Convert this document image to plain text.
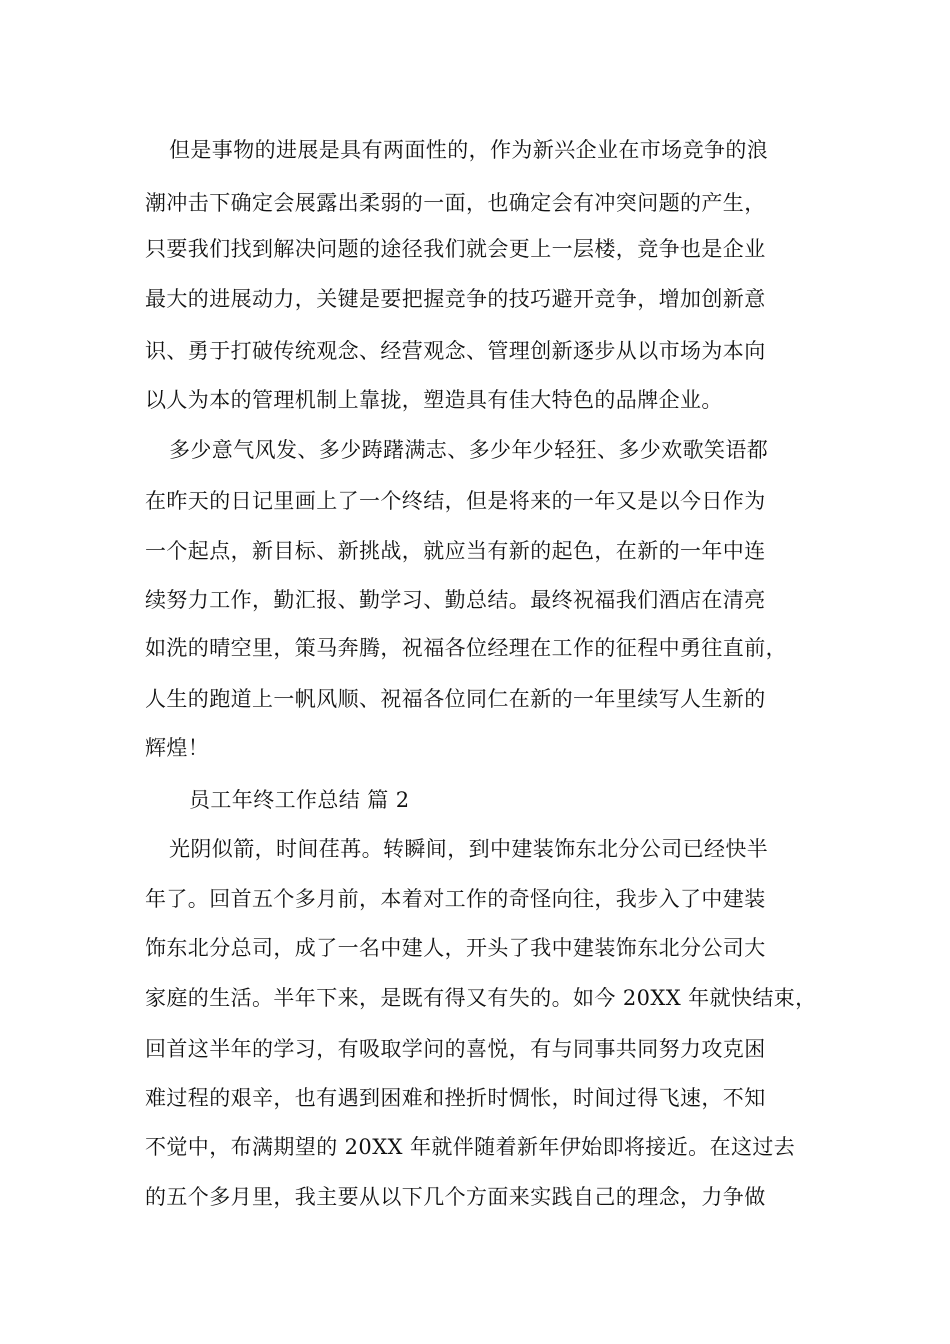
但是事物的进展是具有两面性的，作为新兴企业在市场竞争的浪
潮冲击下确定会展露出柔弱的一面，也确定会有冲突问题的产生，
只要我们找到解决问题的途径我们就会更上一层楼，竞争也是企业
最大的进展动力，关键是要把握竞争的技巧避开竞争，增加创新意
识、勇于打破传统观念、经营观念、管理创新逐步从以市场为本向
以人为本的管理机制上靠拢，塑造具有佳大特色的品牌企业。
多少意气风发、多少踌躇满志、多少年少轻狂、多少欢歌笑语都
在昨天的日记里画上了一个终结，但是将来的一年又是以今日作为
一个起点，新目标、新挑战，就应当有新的起色，在新的一年中连
续努力工作，勤汇报、勤学习、勤总结。最终祝福我们酒店在清亮
如洗的晴空里，策马奔腾，祝福各位经理在工作的征程中勇往直前，
人生的跑道上一帆风顺、祝福各位同仁在新的一年里续写人生新的
辉煌！
员工年终工作总结 篇 2
光阴似箭，时间荏苒。转瞬间，到中建装饰东北分公司已经快半
年了。回首五个多月前，本着对工作的奇怪向往，我步入了中建装
饰东北分总司，成了一名中建人，开头了我中建装饰东北分公司大
家庭的生活。半年下来，是既有得又有失的。如今 20XX 年就快结束，
回首这半年的学习，有吸取学问的喜悦，有与同事共同努力攻克困
难过程的艰辛，也有遇到困难和挫折时惆怅，时间过得飞速，不知
不觉中，布满期望的 20XX 年就伴随着新年伊始即将接近。在这过去
的五个多月里，我主要从以下几个方面来实践自己的理念，力争做
